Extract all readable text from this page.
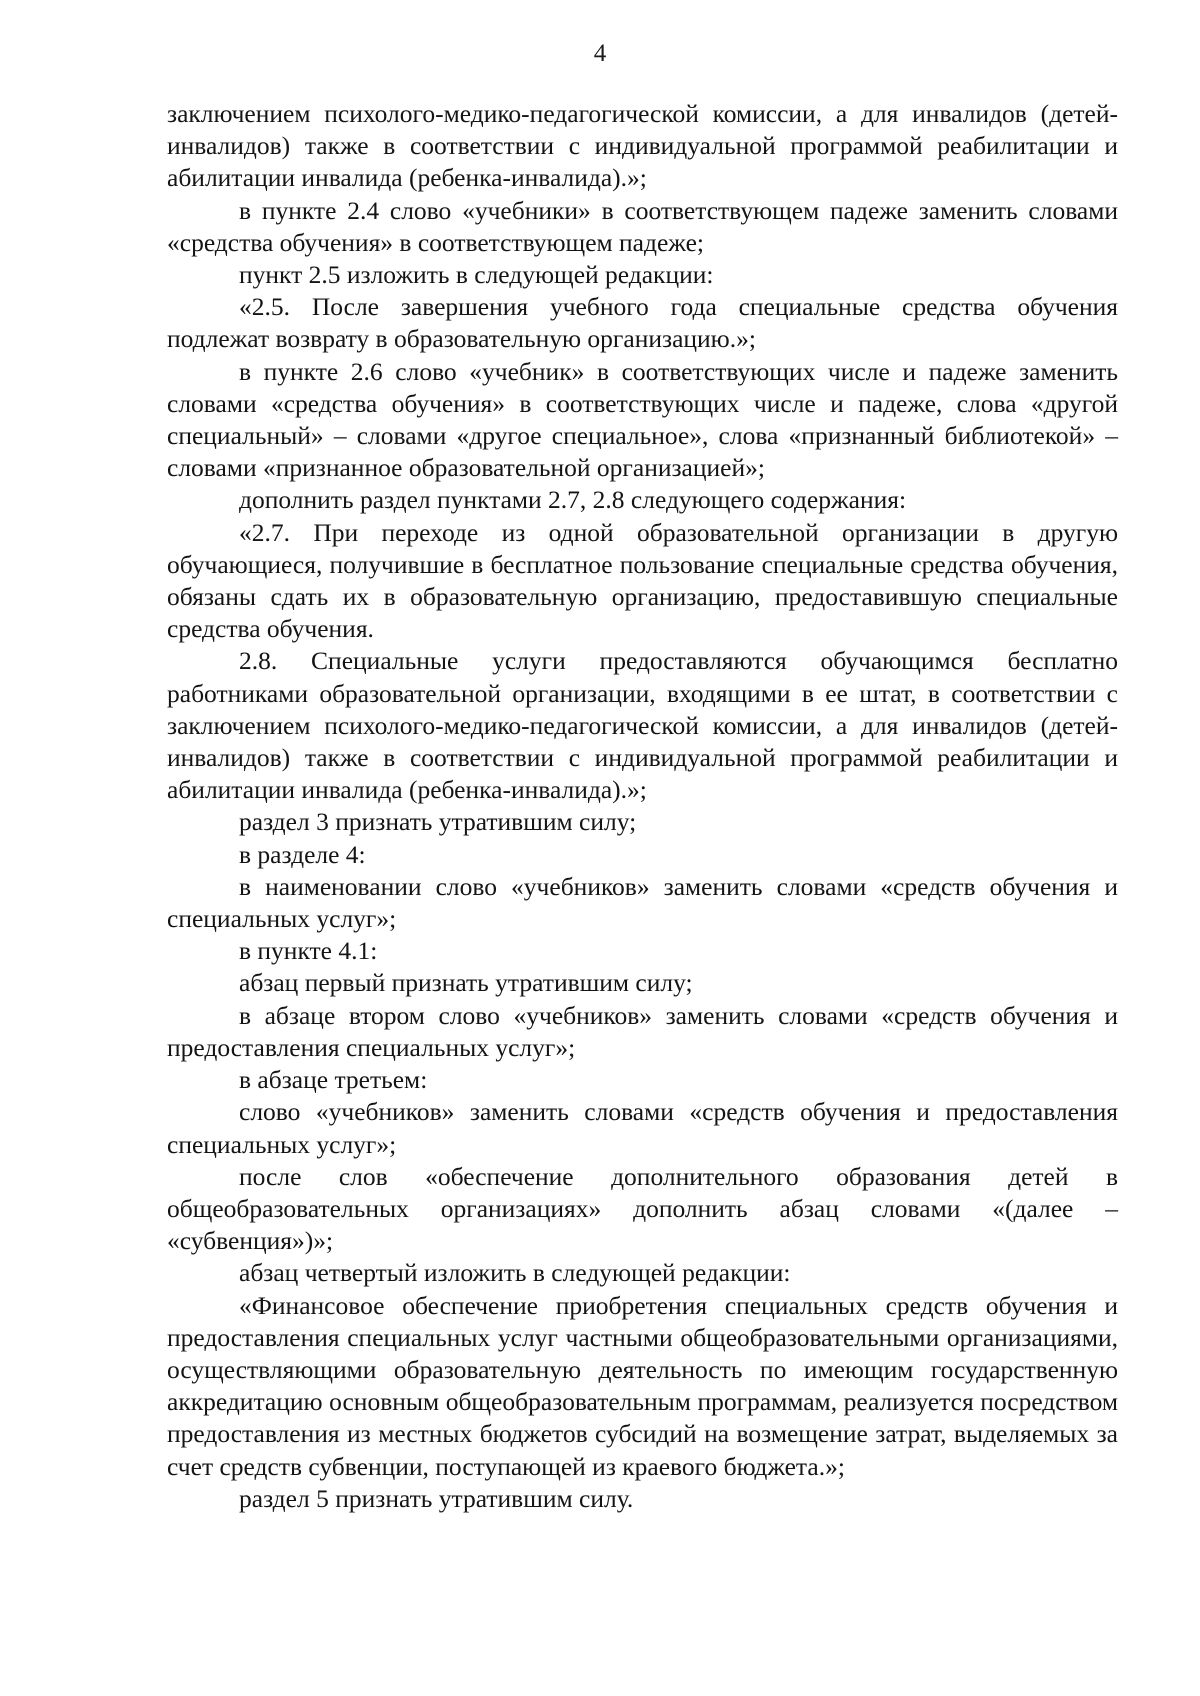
4

заключением психолого-медико-педагогической комиссии, а для инвалидов (детей-инвалидов) также в соответствии с индивидуальной программой реабилитации и абилитации инвалида (ребенка-инвалида).»;

в пункте 2.4 слово «учебники» в соответствующем падеже заменить словами «средства обучения» в соответствующем падеже;

пункт 2.5 изложить в следующей редакции:

«2.5. После завершения учебного года специальные средства обучения подлежат возврату в образовательную организацию.»;

в пункте 2.6 слово «учебник» в соответствующих числе и падеже заменить словами «средства обучения» в соответствующих числе и падеже, слова «другой специальный» – словами «другое специальное», слова «признанный библиотекой» – словами «признанное образовательной организацией»;

дополнить раздел пунктами 2.7, 2.8 следующего содержания:

«2.7. При переходе из одной образовательной организации в другую обучающиеся, получившие в бесплатное пользование специальные средства обучения, обязаны сдать их в образовательную организацию, предоставившую специальные средства обучения.

2.8. Специальные услуги предоставляются обучающимся бесплатно работниками образовательной организации, входящими в ее штат, в соответствии с заключением психолого-медико-педагогической комиссии, а для инвалидов (детей-инвалидов) также в соответствии с индивидуальной программой реабилитации и абилитации инвалида (ребенка-инвалида).»;

раздел 3 признать утратившим силу;

в разделе 4:

в наименовании слово «учебников» заменить словами «средств обучения и специальных услуг»;

в пункте 4.1:

абзац первый признать утратившим силу;

в абзаце втором слово «учебников» заменить словами «средств обучения и предоставления специальных услуг»;

в абзаце третьем:

слово «учебников» заменить словами «средств обучения и предоставления специальных услуг»;

после слов «обеспечение дополнительного образования детей в общеобразовательных организациях» дополнить абзац словами «(далее – «субвенция»)»;

абзац четвертый изложить в следующей редакции:

«Финансовое обеспечение приобретения специальных средств обучения и предоставления специальных услуг частными общеобразовательными организациями, осуществляющими образовательную деятельность по имеющим государственную аккредитацию основным общеобразовательным программам, реализуется посредством предоставления из местных бюджетов субсидий на возмещение затрат, выделяемых за счет средств субвенции, поступающей из краевого бюджета.»;

раздел 5 признать утратившим силу.
